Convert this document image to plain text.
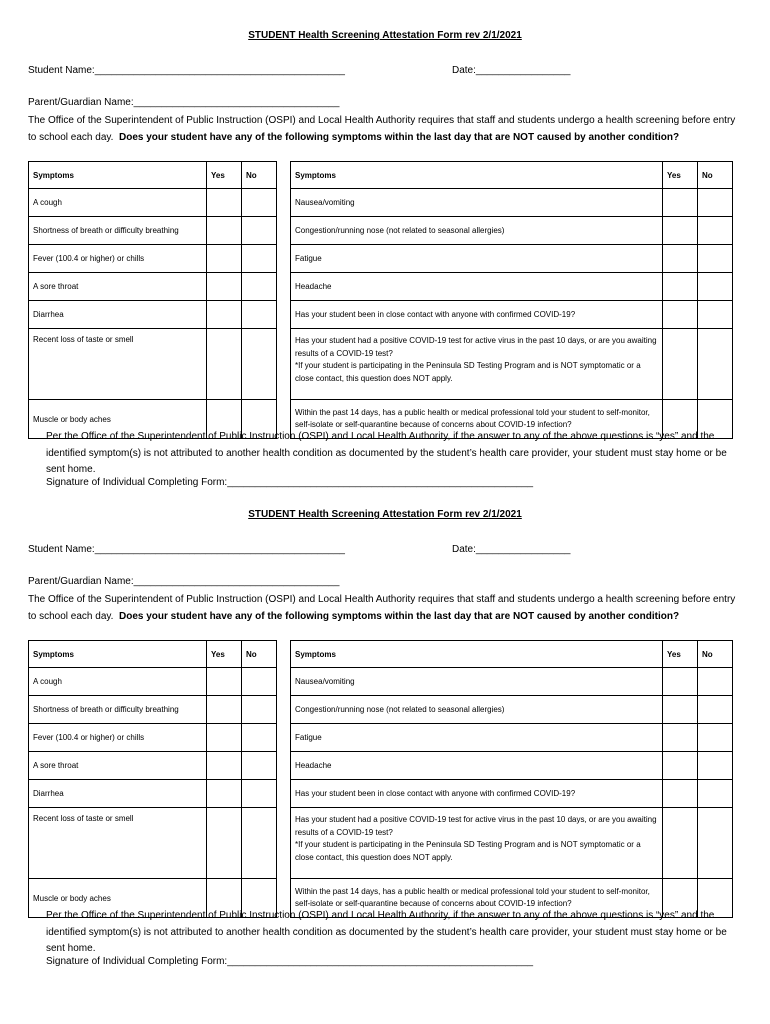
STUDENT Health Screening Attestation Form rev 2/1/2021
Student Name:_____________________________________________	Date:_________________
Parent/Guardian Name:_____________________________________
The Office of the Superintendent of Public Instruction (OSPI) and Local Health Authority requires that staff and students undergo a health screening before entry to school each day. Does your student have any of the following symptoms within the last day that are NOT caused by another condition?
Symptoms	Yes	No
A cough		
Shortness of breath or difficulty breathing		
Fever (100.4 or higher) or chills		
A sore throat		
Diarrhea		
Recent loss of taste or smell		
Muscle or body aches		
Symptoms	Yes	No
Nausea/vomiting		
Congestion/running nose (not related to seasonal allergies)		
Fatigue		
Headache		
Has your student been in close contact with anyone with confirmed COVID-19?		

Has your student had a positive COVID-19 test for active virus in the past 10 days, or are you awaiting results of a COVID-19 test?
*If your student is participating in the Peninsula SD Testing Program and is NOT symptomatic or a close contact, this question does NOT apply.		

Within the past 14 days, has a public health or medical professional told your student to self-monitor, self-isolate or self-quarantine because of concerns about COVID-19 infection?		
Per the Office of the Superintendent of Public Instruction (OSPI) and Local Health Authority, if the answer to any of the above questions is “yes” and the identified symptom(s) is not attributed to another health condition as documented by the student’s health care provider, your student must stay home or be sent home.
Signature of Individual Completing Form:_______________________________________________________
STUDENT Health Screening Attestation Form rev 2/1/2021
Student Name:_____________________________________________	Date:_________________
Parent/Guardian Name:_____________________________________
The Office of the Superintendent of Public Instruction (OSPI) and Local Health Authority requires that staff and students undergo a health screening before entry to school each day. Does your student have any of the following symptoms within the last day that are NOT caused by another condition?
Symptoms	Yes	No
A cough		
Shortness of breath or difficulty breathing		
Fever (100.4 or higher) or chills		
A sore throat		
Diarrhea		
Recent loss of taste or smell		
Muscle or body aches		
Symptoms	Yes	No
Nausea/vomiting		
Congestion/running nose (not related to seasonal allergies)		
Fatigue		
Headache		
Has your student been in close contact with anyone with confirmed COVID-19?		

Has your student had a positive COVID-19 test for active virus in the past 10 days, or are you awaiting results of a COVID-19 test?
*If your student is participating in the Peninsula SD Testing Program and is NOT symptomatic or a close contact, this question does NOT apply.		

Within the past 14 days, has a public health or medical professional told your student to self-monitor, self-isolate or self-quarantine because of concerns about COVID-19 infection?		
Per the Office of the Superintendent of Public Instruction (OSPI) and Local Health Authority, if the answer to any of the above questions is “yes” and the identified symptom(s) is not attributed to another health condition as documented by the student’s health care provider, your student must stay home or be sent home.
Signature of Individual Completing Form:_______________________________________________________
